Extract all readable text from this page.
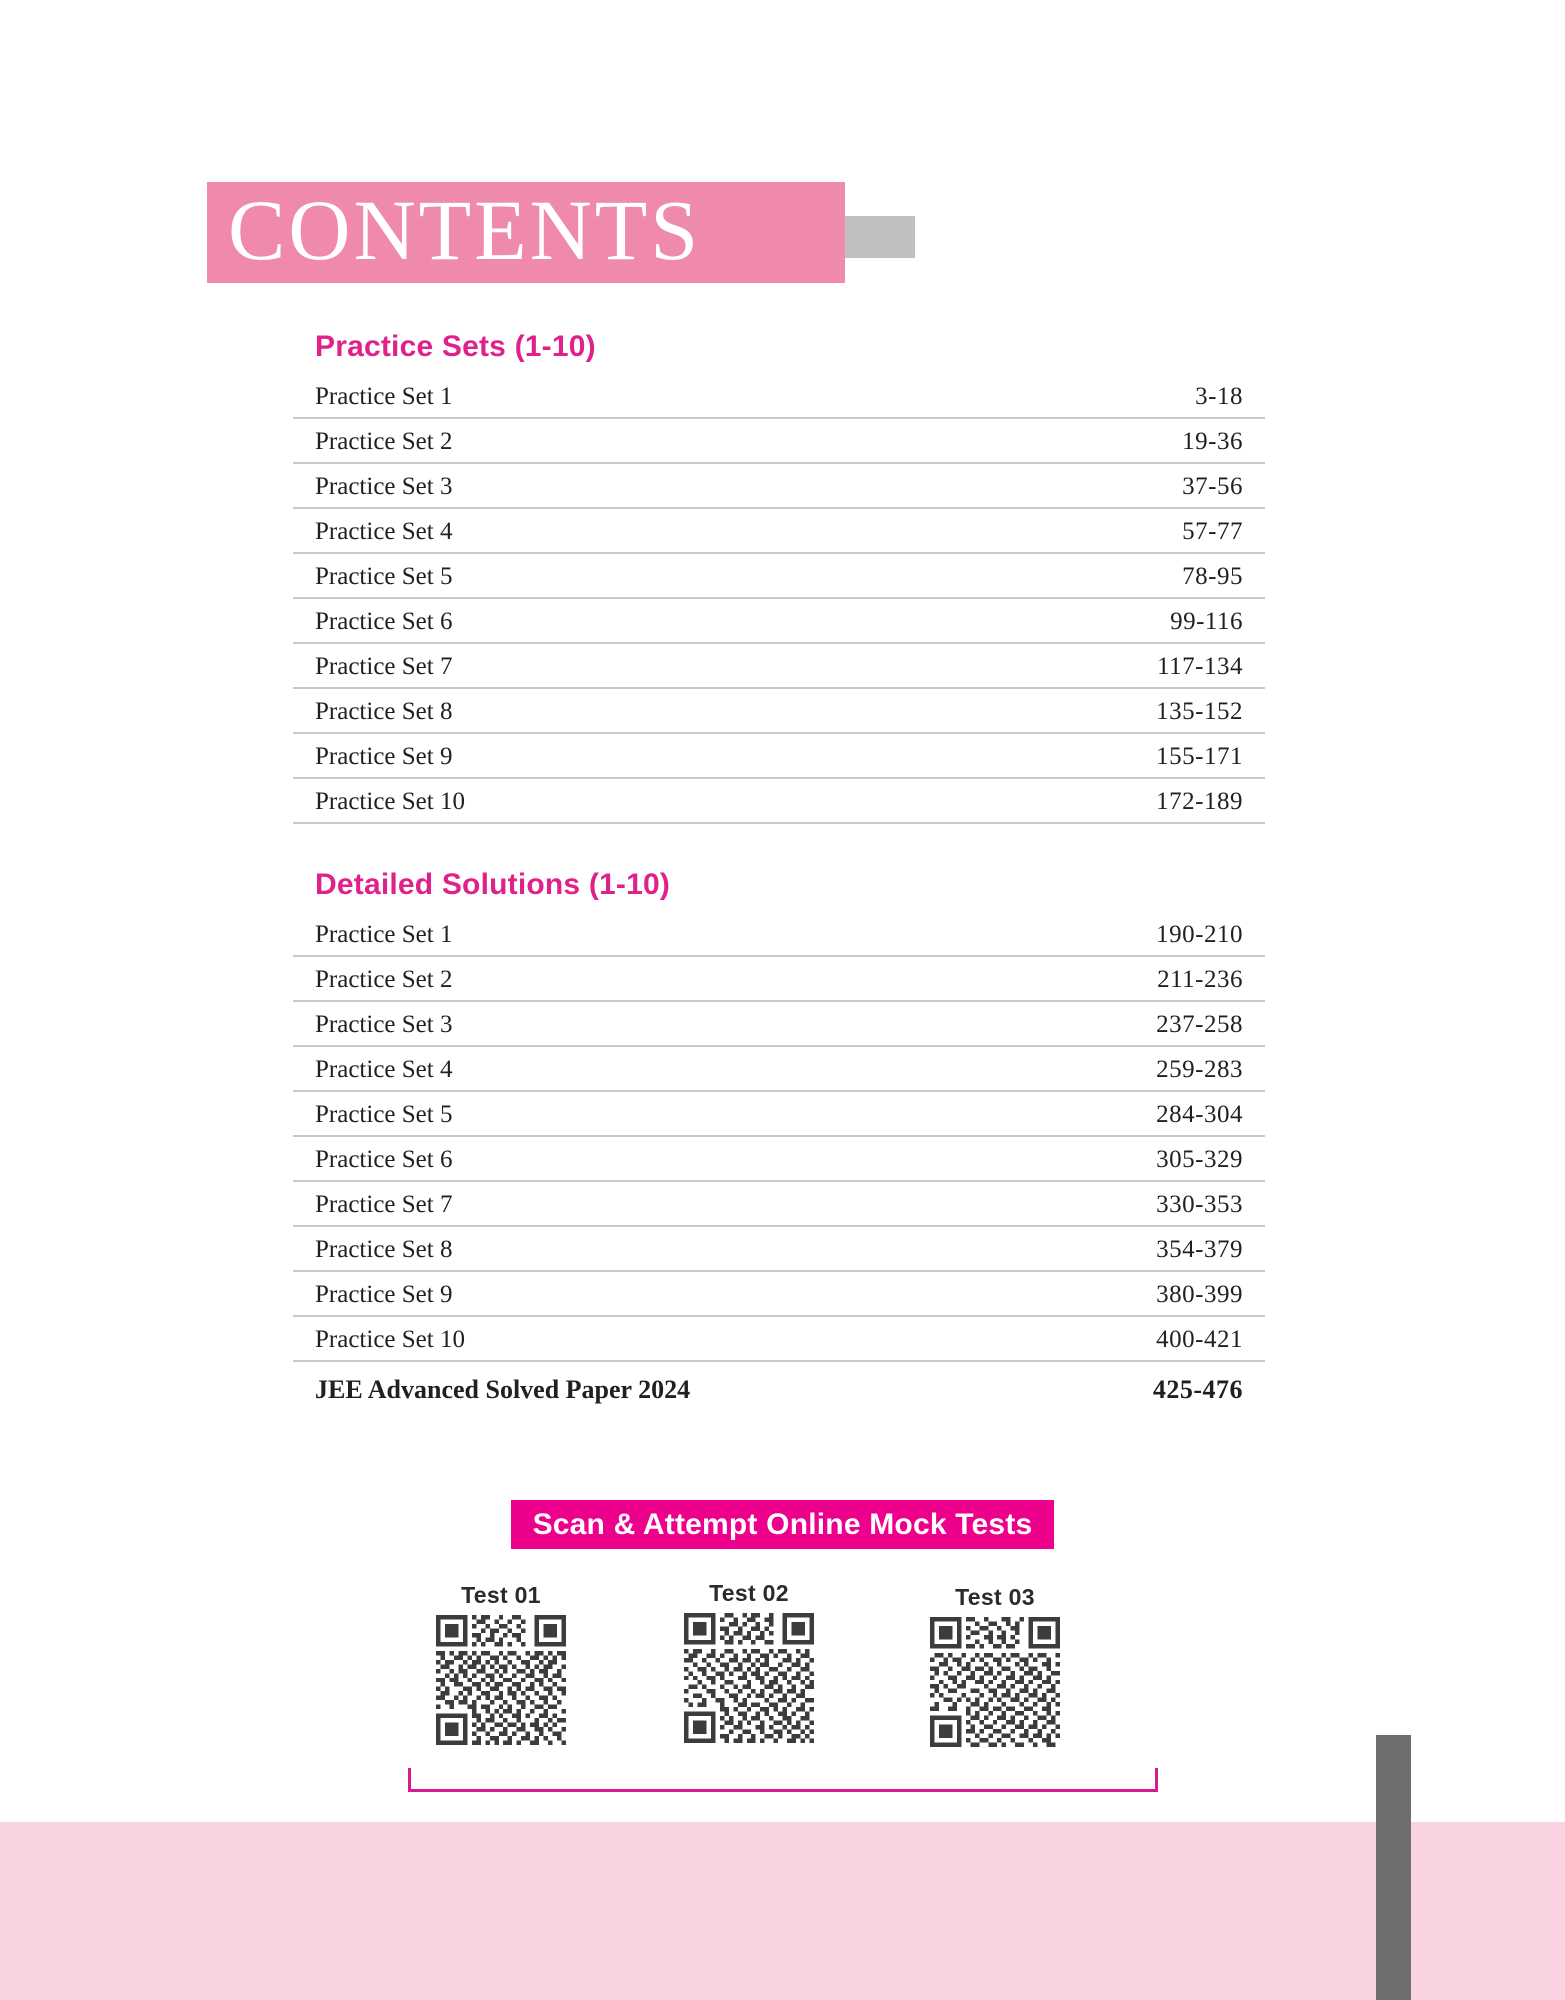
CONTENTS
Practice Sets (1-10)
Practice Set 1	3-18
Practice Set 2	19-36
Practice Set 3	37-56
Practice Set 4	57-77
Practice Set 5	78-95
Practice Set 6	99-116
Practice Set 7	117-134
Practice Set 8	135-152
Practice Set 9	155-171
Practice Set 10	172-189
Detailed Solutions (1-10)
Practice Set 1	190-210
Practice Set 2	211-236
Practice Set 3	237-258
Practice Set 4	259-283
Practice Set 5	284-304
Practice Set 6	305-329
Practice Set 7	330-353
Practice Set 8	354-379
Practice Set 9	380-399
Practice Set 10	400-421
JEE Advanced Solved Paper 2024	425-476
Scan & Attempt Online Mock Tests
Test 01	Test 02	Test 03
